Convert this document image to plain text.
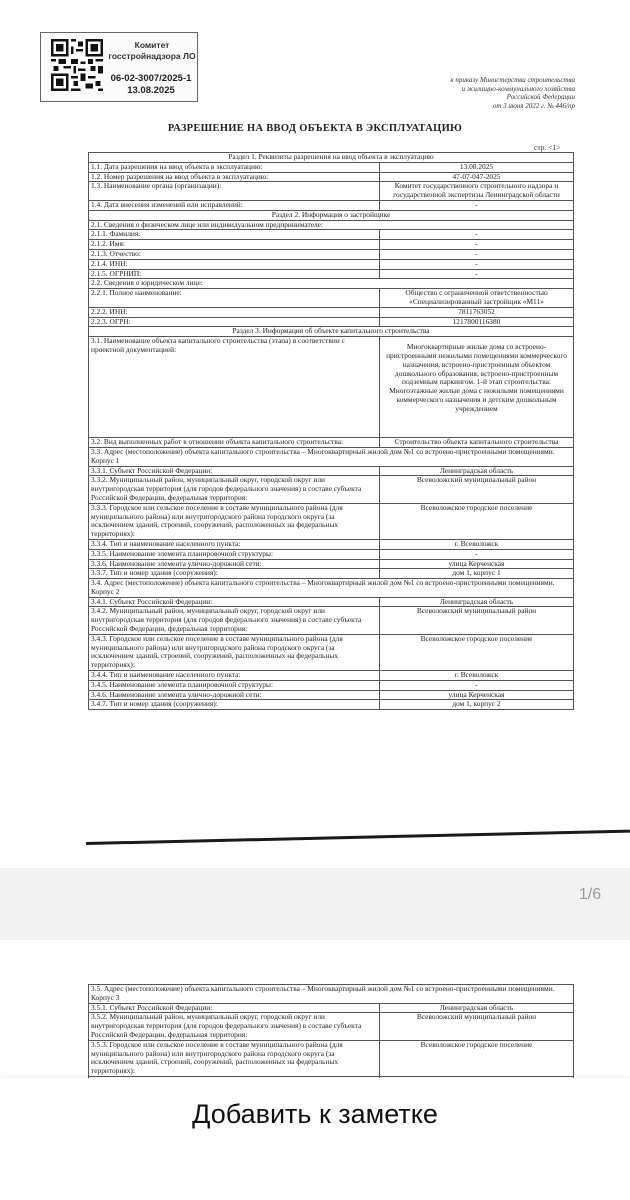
Комитет
госстройнадзора ЛО
06-02-3007/2025-1
13.08.2025
к приказу Министерства строительства
и жилищно-коммунального хозяйства
Российской Федерации
от 3 июня 2022 г. № 446/пр
РАЗРЕШЕНИЕ НА ВВОД ОБЪЕКТА В ЭКСПЛУАТАЦИЮ
стр. <1>
Раздел 1. Реквизиты разрешения на ввод объекта в эксплуатацию	
1.1. Дата разрешения на ввод объекта в эксплуатацию:	13.08.2025
1.2. Номер разрешения на ввод объекта в эксплуатацию:	47-07-047-2025
1.3. Наименование органа (организации):	Комитет государственного строительного надзора и государственной экспертизы Ленинградской области
1.4. Дата внесения изменений или исправлений:	-
Раздел 2. Информация о застройщике	
2.1. Сведения о физическом лице или индивидуальном предпринимателе:	
2.1.1. Фамилия:	-
2.1.2. Имя:	-
2.1.3. Отчество:	-
2.1.4. ИНН:	-
2.1.5. ОГРНИП:	-
2.2. Сведения о юридическом лице:	
2.2.1. Полное наименование:	Общество с ограниченной ответственностью «Специализированный застройщик «М11»
2.2.2. ИНН:	7811763052
2.2.3. ОГРН:	1217800116380
Раздел 3. Информация об объекте капитального строительства	
3.1. Наименование объекта капитального строительства (этапа) в соответствии с проектной документацией:	Многоквартирные жилые дома со встроено-пристроенными нежилыми помещениями коммерческого назначения, встроено-пристроенным объектом дошкольного образования, встроено-пристроенным подземным паркингом. 1-й этап строительства: Многоэтажные жилые дома с нежилыми помещениями коммерческого назначения и детским дошкольным учреждением
3.2. Вид выполненных работ в отношении объекта капитального строительства:	Строительство объекта капитального строительства
3.3. Адрес (местоположение) объекта капитального строительства – Многоквартирный жилой дом №1 со встроено-пристроенными помещениями. Корпус 1	
3.3.1. Субъект Российской Федерации:	Ленинградская область
3.3.2. Муниципальный район, муниципальный округ, городской округ или внутригородская территория (для городов федерального значения) в составе субъекта Российской Федерации, федеральная территория:	Всеволожский муниципальный район
3.3.3. Городское или сельское поселение в составе муниципального района (для муниципального района) или внутригородского района городского округа (за исключением зданий, строений, сооружений, расположенных на федеральных территориях):	Всеволожское городское поселение
3.3.4. Тип и наименование населенного пункта:	г. Всеволожск
3.3.5. Наименование элемента планировочной структуры:	-
3.3.6. Наименование элемента улично-дорожной сети:	улица Керченская
3.3.7. Тип и номер здания (сооружения):	дом 1, корпус 1
3.4. Адрес (местоположение) объекта капитального строительства – Многоквартирный жилой дом №1 со встроено-пристроенными помещениями. Корпус 2	
3.4.1. Субъект Российской Федерации:	Ленинградская область
3.4.2. Муниципальный район, муниципальный округ, городской округ или внутригородская территория (для городов федерального значения) в составе субъекта Российской Федерации, федеральная территория:	Всеволожский муниципальный район
3.4.3. Городское или сельское поселение в составе муниципального района (для муниципального района) или внутригородского района городского округа (за исключением зданий, строений, сооружений, расположенных на федеральных территориях):	Всеволожское городское поселение
3.4.4. Тип и наименование населенного пункта:	г. Всеволожск
3.4.5. Наименование элемента планировочной структуры:	-
3.4.6. Наименование элемента улично-дорожной сети:	улица Керченская
3.4.7. Тип и номер здания (сооружения):	дом 1, корпус 2
1/6
3.5. Адрес (местоположение) объекта капитального строительства – Многоквартирный жилой дом №1 со встроено-пристроенными помещениями. Корпус 3	
3.5.1. Субъект Российской Федерации:	Ленинградская область
3.5.2. Муниципальный район, муниципальный округ, городской округ или внутригородская территория (для городов федерального значения) в составе субъекта Российской Федерации, федеральная территория:	Всеволожский муниципальный район
3.5.3. Городское или сельское поселение в составе муниципального района (для муниципального района) или внутригородского района городского округа (за исключением зданий, строений, сооружений, расположенных на федеральных территориях):	Всеволожское городское поселение

Добавить к заметке
